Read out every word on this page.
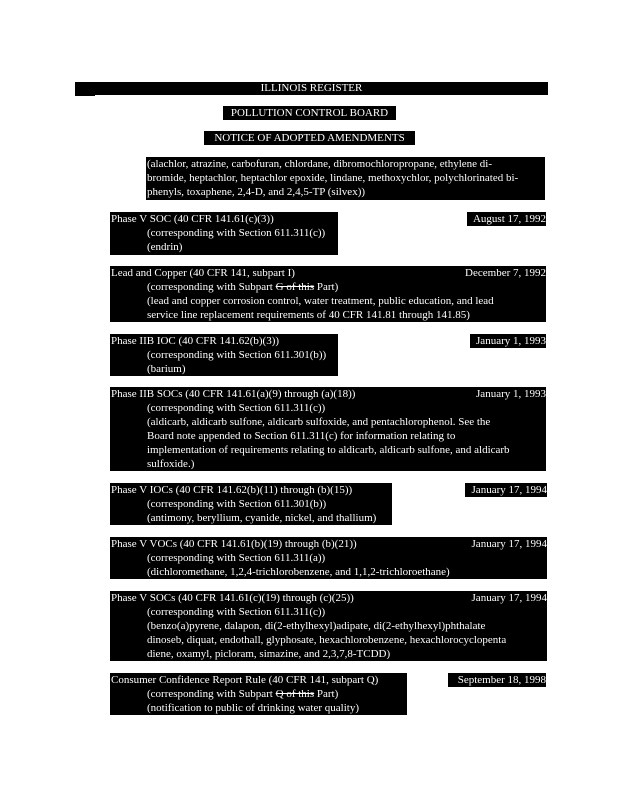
ILLINOIS REGISTER
POLLUTION CONTROL BOARD
NOTICE OF ADOPTED AMENDMENTS
(alachlor, atrazine, carbofuran, chlordane, dibromochloropropane, ethylene di-
bromide, heptachlor, heptachlor epoxide, lindane, methoxychlor, polychlorinated bi-
phenyls, toxaphene, 2,4-D, and 2,4,5-TP (silvex))
Phase V SOC (40 CFR 141.61(c)(3))	August 17, 1992
(corresponding with Section 611.311(c))
(endrin)
Lead and Copper (40 CFR 141, subpart I)	December 7, 1992
(corresponding with Subpart G of this Part)
(lead and copper corrosion control, water treatment, public education, and lead
service line replacement requirements of 40 CFR 141.81 through 141.85)
Phase IIB IOC (40 CFR 141.62(b)(3))	January 1, 1993
(corresponding with Section 611.301(b))
(barium)
Phase IIB SOCs (40 CFR 141.61(a)(9) through (a)(18))	January 1, 1993
(corresponding with Section 611.311(c))
(aldicarb, aldicarb sulfone, aldicarb sulfoxide, and pentachlorophenol. See the
Board note appended to Section 611.311(c) for information relating to
implementation of requirements relating to aldicarb, aldicarb sulfone, and aldicarb
sulfoxide.)
Phase V IOCs (40 CFR 141.62(b)(11) through (b)(15))	January 17, 1994
(corresponding with Section 611.301(b))
(antimony, beryllium, cyanide, nickel, and thallium)
Phase V VOCs (40 CFR 141.61(b)(19) through (b)(21))	January 17, 1994
(corresponding with Section 611.311(a))
(dichloromethane, 1,2,4-trichlorobenzene, and 1,1,2-trichloroethane)
Phase V SOCs (40 CFR 141.61(c)(19) through (c)(25))	January 17, 1994
(corresponding with Section 611.311(c))
(benzo(a)pyrene, dalapon, di(2-ethylhexyl)adipate, di(2-ethylhexyl)phthalate
dinoseb, diquat, endothall, glyphosate, hexachlorobenzene, hexachlorocyclopenta
diene, oxamyl, picloram, simazine, and 2,3,7,8-TCDD)
Consumer Confidence Report Rule (40 CFR 141, subpart Q)	September 18, 1998
(corresponding with Subpart Q of this Part)
(notification to public of drinking water quality)
